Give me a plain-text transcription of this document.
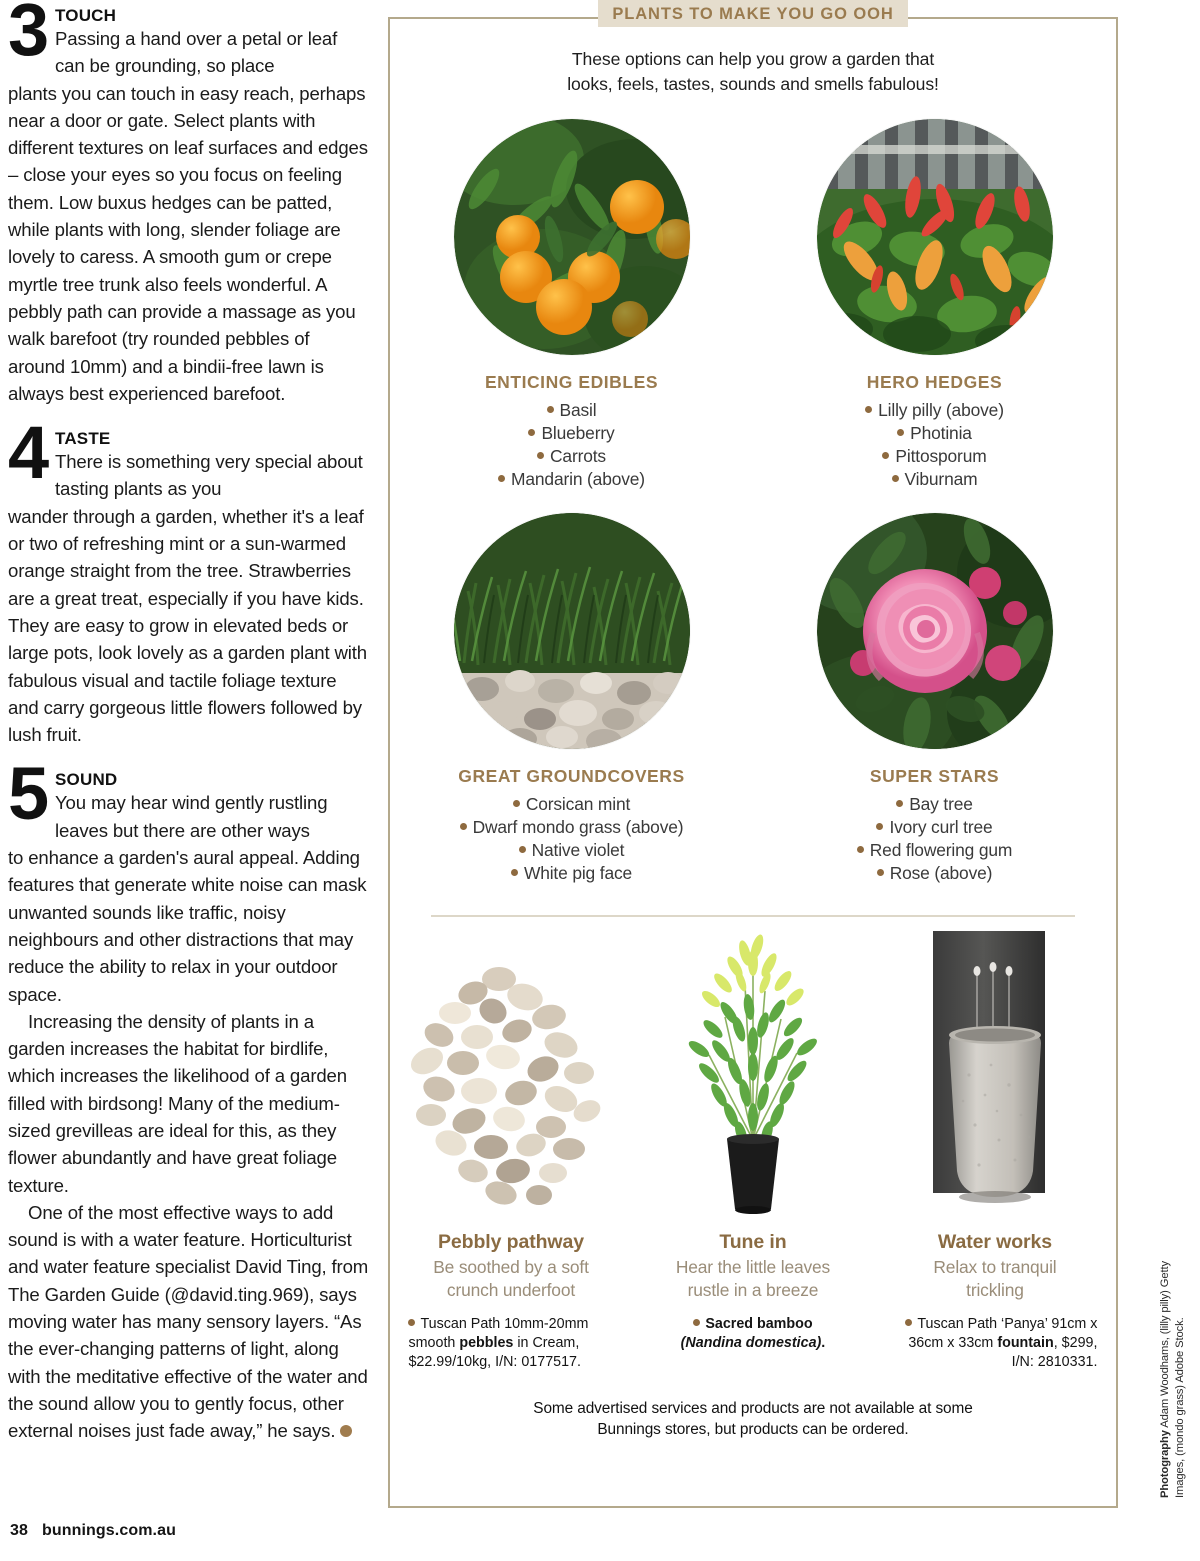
3 TOUCH
Passing a hand over a petal or leaf can be grounding, so place

plants you can touch in easy reach, perhaps near a door or gate. Select plants with different textures on leaf surfaces and edges – close your eyes so you focus on feeling them. Low buxus hedges can be patted, while plants with long, slender foliage are lovely to caress. A smooth gum or crepe myrtle tree trunk also feels wonderful. A pebbly path can provide a massage as you walk barefoot (try rounded pebbles of around 10mm) and a bindii-free lawn is always best experienced barefoot.

4 TASTE
There is something very special about tasting plants as you

wander through a garden, whether it's a leaf or two of refreshing mint or a sun-warmed orange straight from the tree. Strawberries are a great treat, especially if you have kids. They are easy to grow in elevated beds or large pots, look lovely as a garden plant with fabulous visual and tactile foliage texture and carry gorgeous little flowers followed by lush fruit.

5 SOUND
You may hear wind gently rustling leaves but there are other ways

to enhance a garden's aural appeal. Adding features that generate white noise can mask unwanted sounds like traffic, noisy neighbours and other distractions that may reduce the ability to relax in your outdoor space.

Increasing the density of plants in a garden increases the habitat for birdlife, which increases the likelihood of a garden filled with birdsong! Many of the medium-sized grevilleas are ideal for this, as they flower abundantly and have great foliage texture.

One of the most effective ways to add sound is with a water feature. Horticulturist and water feature specialist David Ting, from The Garden Guide (@david.ting.969), says moving water has many sensory layers. “As the ever-changing patterns of light, along with the meditative effective of the water and the sound allow you to gently focus, other external noises just fade away,” he says.

38 bunnings.com.au
These options can help you grow a garden that
looks, feels, tastes, sounds and smells fabulous!
ENTICING EDIBLES
Basil
Blueberry
Carrots
Mandarin (above)
HERO HEDGES
Lilly pilly (above)
Photinia
Pittosporum
Viburnam
GREAT GROUNDCOVERS
Corsican mint
Dwarf mondo grass (above)
Native violet
White pig face
SUPER STARS
Bay tree
Ivory curl tree
Red flowering gum
Rose (above)
Pebbly pathway
Be soothed by a soft
crunch underfoot
Tuscan Path 10mm-20mm smooth pebbles in Cream, $22.99/10kg, I/N: 0177517.
Tune in
Hear the little leaves
rustle in a breeze
Sacred bamboo
(Nandina domestica).
Water works
Relax to tranquil
trickling
Tuscan Path ‘Panya’ 91cm x 36cm x 33cm fountain, $299, I/N: 2810331.
Some advertised services and products are not available at some
Bunnings stores, but products can be ordered.
PLANTS TO MAKE YOU GO OOH
Photography Adam Woodhams, (lilly pilly) Getty Images, (mondo grass) Adobe Stock.
